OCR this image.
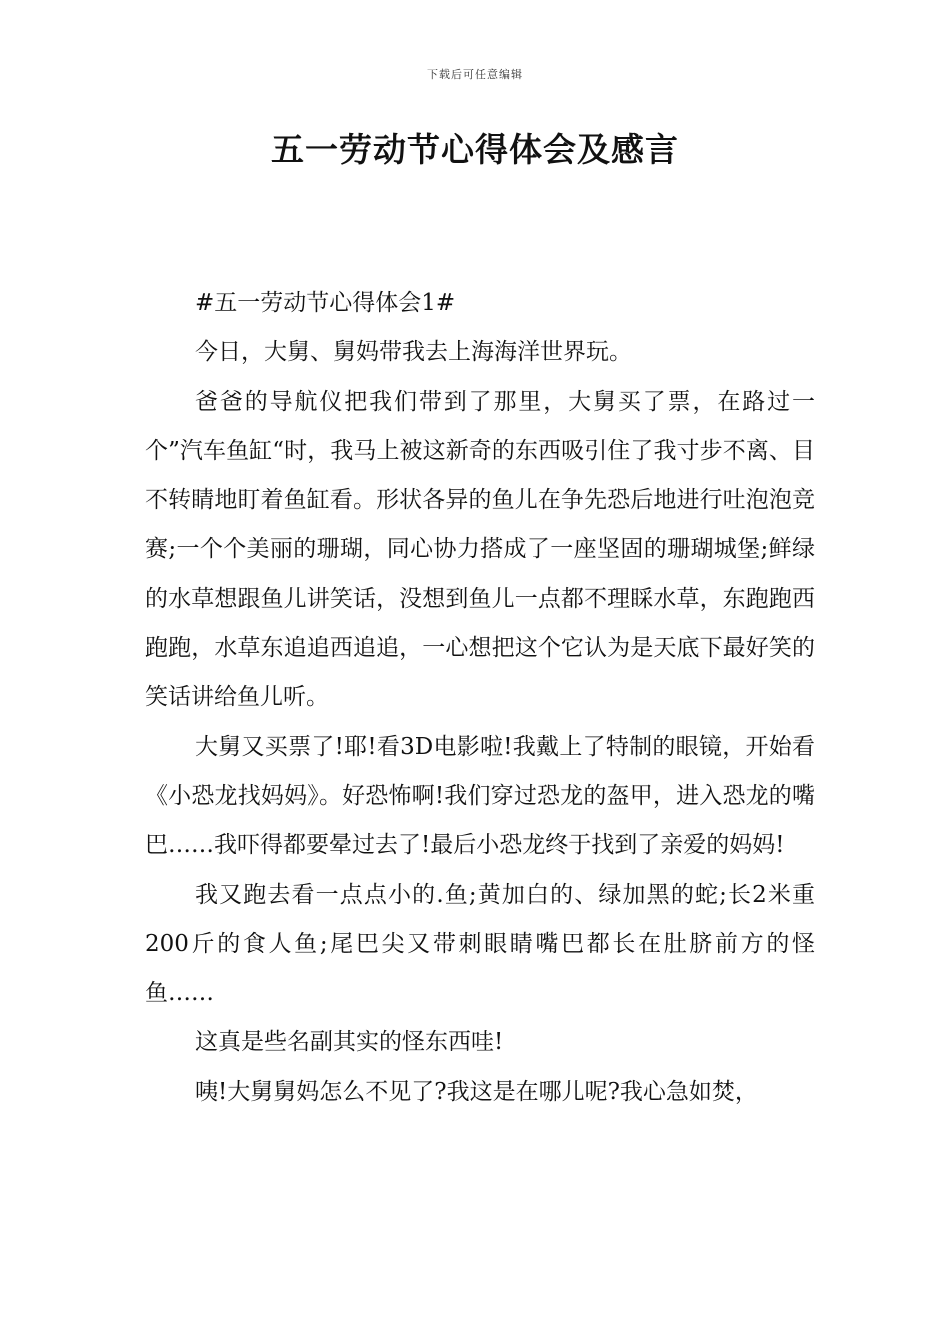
下载后可任意编辑
五一劳动节心得体会及感言

#五一劳动节心得体会1#

今日，大舅、舅妈带我去上海海洋世界玩。

爸爸的导航仪把我们带到了那里，大舅买了票，在路过一个”汽车鱼缸“时，我马上被这新奇的东西吸引住了我寸步不离、目不转睛地盯着鱼缸看。形状各异的鱼儿在争先恐后地进行吐泡泡竞赛;一个个美丽的珊瑚，同心协力搭成了一座坚固的珊瑚城堡;鲜绿的水草想跟鱼儿讲笑话，没想到鱼儿一点都不理睬水草，东跑跑西跑跑，水草东追追西追追，一心想把这个它认为是天底下最好笑的笑话讲给鱼儿听。

大舅又买票了!耶!看3D电影啦!我戴上了特制的眼镜，开始看《小恐龙找妈妈》。好恐怖啊!我们穿过恐龙的盔甲，进入恐龙的嘴巴……我吓得都要晕过去了!最后小恐龙终于找到了亲爱的妈妈!

我又跑去看一点点小的.鱼;黄加白的、绿加黑的蛇;长2米重200斤的食人鱼;尾巴尖又带刺眼睛嘴巴都长在肚脐前方的怪鱼……

这真是些名副其实的怪东西哇!

咦!大舅舅妈怎么不见了?我这是在哪儿呢?我心急如焚，
